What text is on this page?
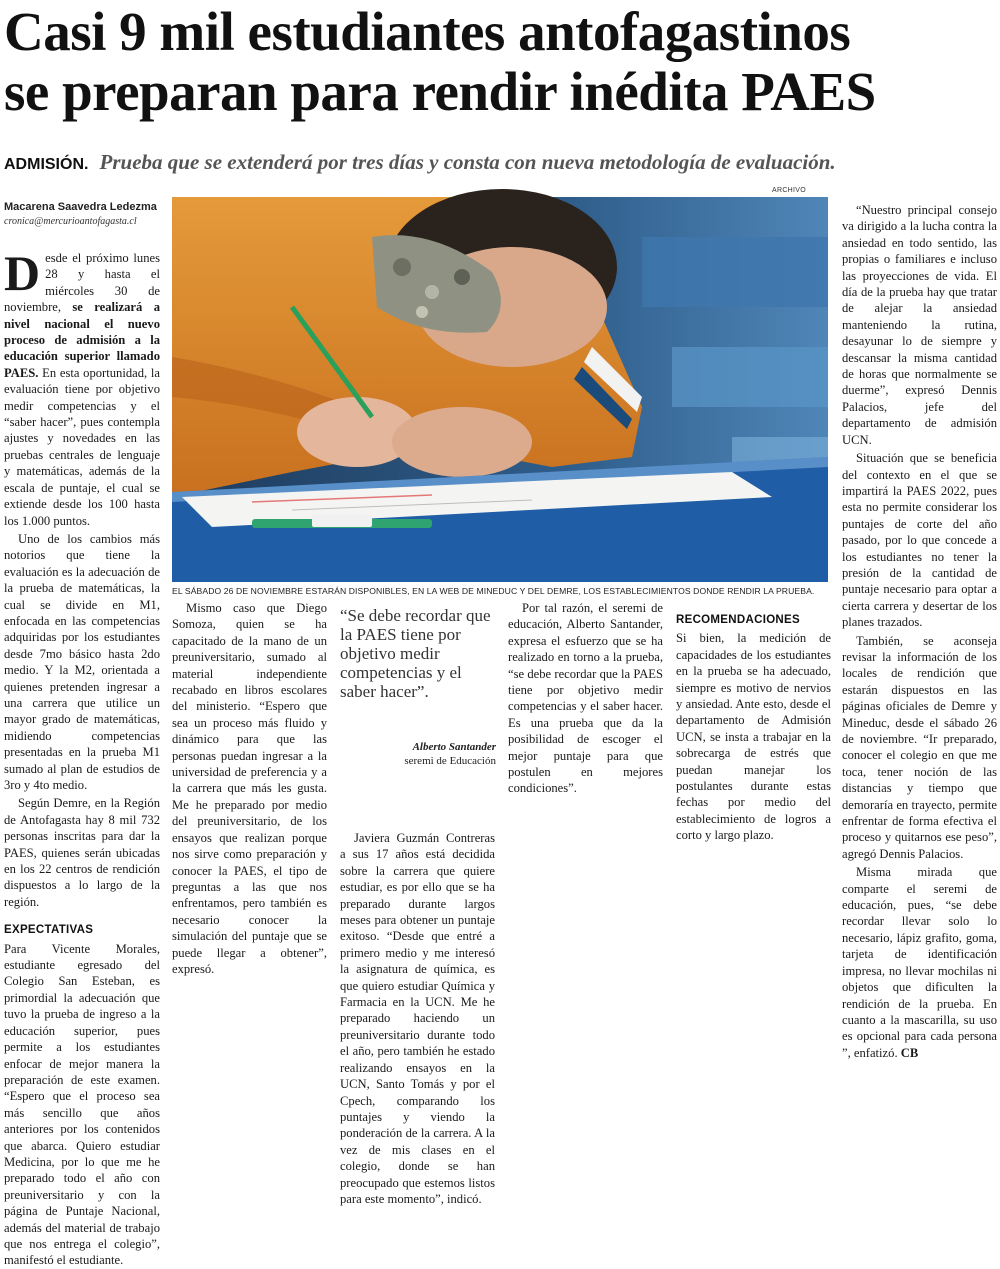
Casi 9 mil estudiantes antofagastinos
se preparan para rendir inédita PAES
ADMISIÓN. Prueba que se extenderá por tres días y consta con nueva metodología de evaluación.
Macarena Saavedra Ledezma
cronica@mercurioantofagasta.cl
ARCHIVO
EL SÁBADO 26 DE NOVIEMBRE ESTARÁN DISPONIBLES, EN LA WEB DE MINEDUC Y DEL DEMRE, LOS ESTABLECIMIENTOS DONDE RENDIR LA PRUEBA.

Desde el próximo lunes 28 y hasta el miércoles 30 de noviembre, se realizará a nivel nacional el nuevo proceso de admisión a la educación superior llamado PAES. En esta oportunidad, la evaluación tiene por objetivo medir competencias y el “saber hacer”, pues contempla ajustes y novedades en las pruebas centrales de lenguaje y matemáticas, además de la escala de puntaje, el cual se extiende desde los 100 hasta los 1.000 puntos.

Uno de los cambios más notorios que tiene la evaluación es la adecuación de la prueba de matemáticas, la cual se divide en M1, enfocada en las competencias adquiridas por los estudiantes desde 7mo básico hasta 2do medio. Y la M2, orientada a quienes pretenden ingresar a una carrera que utilice un mayor grado de matemáticas, midiendo competencias presentadas en la prueba M1 sumado al plan de estudios de 3ro y 4to medio.

Según Demre, en la Región de Antofagasta hay 8 mil 732 personas inscritas para dar la PAES, quienes serán ubicadas en los 22 centros de rendición dispuestos a lo largo de la región.

EXPECTATIVAS

Para Vicente Morales, estudiante egresado del Colegio San Esteban, es primordial la adecuación que tuvo la prueba de ingreso a la educación superior, pues permite a los estudiantes enfocar de mejor manera la preparación de este examen. “Espero que el proceso sea más sencillo que años anteriores por los contenidos que abarca. Quiero estudiar Medicina, por lo que me he preparado todo el año con preuniversitario y con la página de Puntaje Nacional, además del material de trabajo que nos entrega el colegio”, manifestó el estudiante.

Mismo caso que Diego Somoza, quien se ha capacitado de la mano de un preuniversitario, sumado al material independiente recabado en libros escolares del ministerio. “Espero que sea un proceso más fluido y dinámico para que las personas puedan ingresar a la universidad de preferencia y a la carrera que más les gusta. Me he preparado por medio del preuniversitario, de los ensayos que realizan porque nos sirve como preparación y conocer la PAES, el tipo de preguntas a las que nos enfrentamos, pero también es necesario conocer la simulación del puntaje que se puede llegar a obtener”, expresó.

“Se debe recordar que la PAES tiene por objetivo medir competencias y el saber hacer”.
Alberto Santander
seremi de Educación

Javiera Guzmán Contreras a sus 17 años está decidida sobre la carrera que quiere estudiar, es por ello que se ha preparado durante largos meses para obtener un puntaje exitoso. “Desde que entré a primero medio y me interesó la asignatura de química, es que quiero estudiar Química y Farmacia en la UCN. Me he preparado haciendo un preuniversitario durante todo el año, pero también he estado realizando ensayos en la UCN, Santo Tomás y por el Cpech, comparando los puntajes y viendo la ponderación de la carrera. A la vez de mis clases en el colegio, donde se han preocupado que estemos listos para este momento”, indicó.

Por tal razón, el seremi de educación, Alberto Santander, expresa el esfuerzo que se ha realizado en torno a la prueba, “se debe recordar que la PAES tiene por objetivo medir competencias y el saber hacer. Es una prueba que da la posibilidad de escoger el mejor puntaje para que postulen en mejores condiciones”.

RECOMENDACIONES

Si bien, la medición de capacidades de los estudiantes en la prueba se ha adecuado, siempre es motivo de nervios y ansiedad. Ante esto, desde el departamento de Admisión UCN, se insta a trabajar en la sobrecarga de estrés que puedan manejar los postulantes durante estas fechas por medio del establecimiento de logros a corto y largo plazo.

“Nuestro principal consejo va dirigido a la lucha contra la ansiedad en todo sentido, las propias o familiares e incluso las proyecciones de vida. El día de la prueba hay que tratar de alejar la ansiedad manteniendo la rutina, desayunar lo de siempre y descansar la misma cantidad de horas que normalmente se duerme”, expresó Dennis Palacios, jefe del departamento de admisión UCN.

Situación que se beneficia del contexto en el que se impartirá la PAES 2022, pues esta no permite considerar los puntajes de corte del año pasado, por lo que concede a los estudiantes no tener la presión de la cantidad de puntaje necesario para optar a cierta carrera y desertar de los planes trazados.

También, se aconseja revisar la información de los locales de rendición que estarán dispuestos en las páginas oficiales de Demre y Mineduc, desde el sábado 26 de noviembre. “Ir preparado, conocer el colegio en que me toca, tener noción de las distancias y tiempo que demoraría en trayecto, permite enfrentar de forma efectiva el proceso y quitarnos ese peso”, agregó Dennis Palacios.

Misma mirada que comparte el seremi de educación, pues, “se debe recordar llevar solo lo necesario, lápiz grafito, goma, tarjeta de identificación impresa, no llevar mochilas ni objetos que dificulten la rendición de la prueba. En cuanto a la mascarilla, su uso es opcional para cada persona ”, enfatizó. CB
